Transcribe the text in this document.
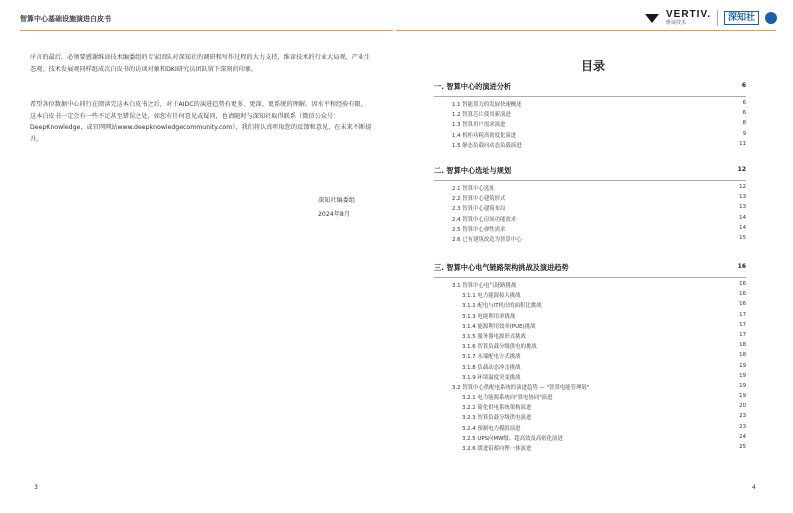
智算中心基础设施演进白皮书
序言的最后，必须要感谢维谛技术编委组的专家团队对深知社的调研和写作过程的大力支持，维谛技术的行业大局观、产业生态观、技术发展观同样组成次白皮书的访谈对象和DKI研究员团队留下深刻的印象。
希望各位数据中心同行在阅读完这本白皮书之后，对于AIDC的演进趋势有更多、更深、更系统的理解。因水平和经验有限，这本白皮书一定会有一些不足甚至错误之处，如您有任何意见或疑问，也请随时与深知社取得联系（微信公众号：DeepKnowledge，或官网网站www.deepknowledgecommunity.com），我们将认真听取您的反馈和意见，在未来不断提升。
深知社编委组
2024年8月
3
VERTIV.
维谛技术	深知社
目录
一. 智算中心的演进分析	6
1.1 智能算力的发展快速概述	6
1.2 智算芯片使用新演进	6
1.3 智算用户需求演进	8
1.4 机柜功耗高密度化演进	9
1.5 静态负载向动态负载演进	11
二. 智算中心选址与规划	12
2.1 智算中心选址	12
2.2 智算中心建筑形式	13
2.3 智算中心建筑布局	13
2.4 智算中心房间功能需求	14
2.5 智算中心弹性需求	14
2.6 已有建筑改造为智算中心	15
三. 智算中心电气链路架构挑战及演进趋势	16
3.1 智算中心电气链路挑战	16
3.1.1 电力能源接入挑战	16
3.1.2 配电与IT机房的面积比挑战	16
3.1.3 电能利用率挑战	17
3.1.4 能源利用效率(PUE)挑战	17
3.1.5 服务器电源形式挑战	17
3.1.6 智算负载分级供电的挑战	18
3.1.7 末端配电方式挑战	18
3.1.8 负载动态冲击挑战	19
3.1.9 环境温度突变挑战	19
3.2 智算中心供配电系统的演进趋势 — "智算电能管理链"	19
3.2.1 电力能源系统向"算电协同"演进	19
3.2.2 简化供电系统架构演进	20
3.2.3 智算负载分级供电演进	23
3.2.4 预制电力模组演进	23
3.2.5 UPS向MW级、超高效及高密化演进	24
3.2.6 缓进铅蓄向锂一体演进	25
4
